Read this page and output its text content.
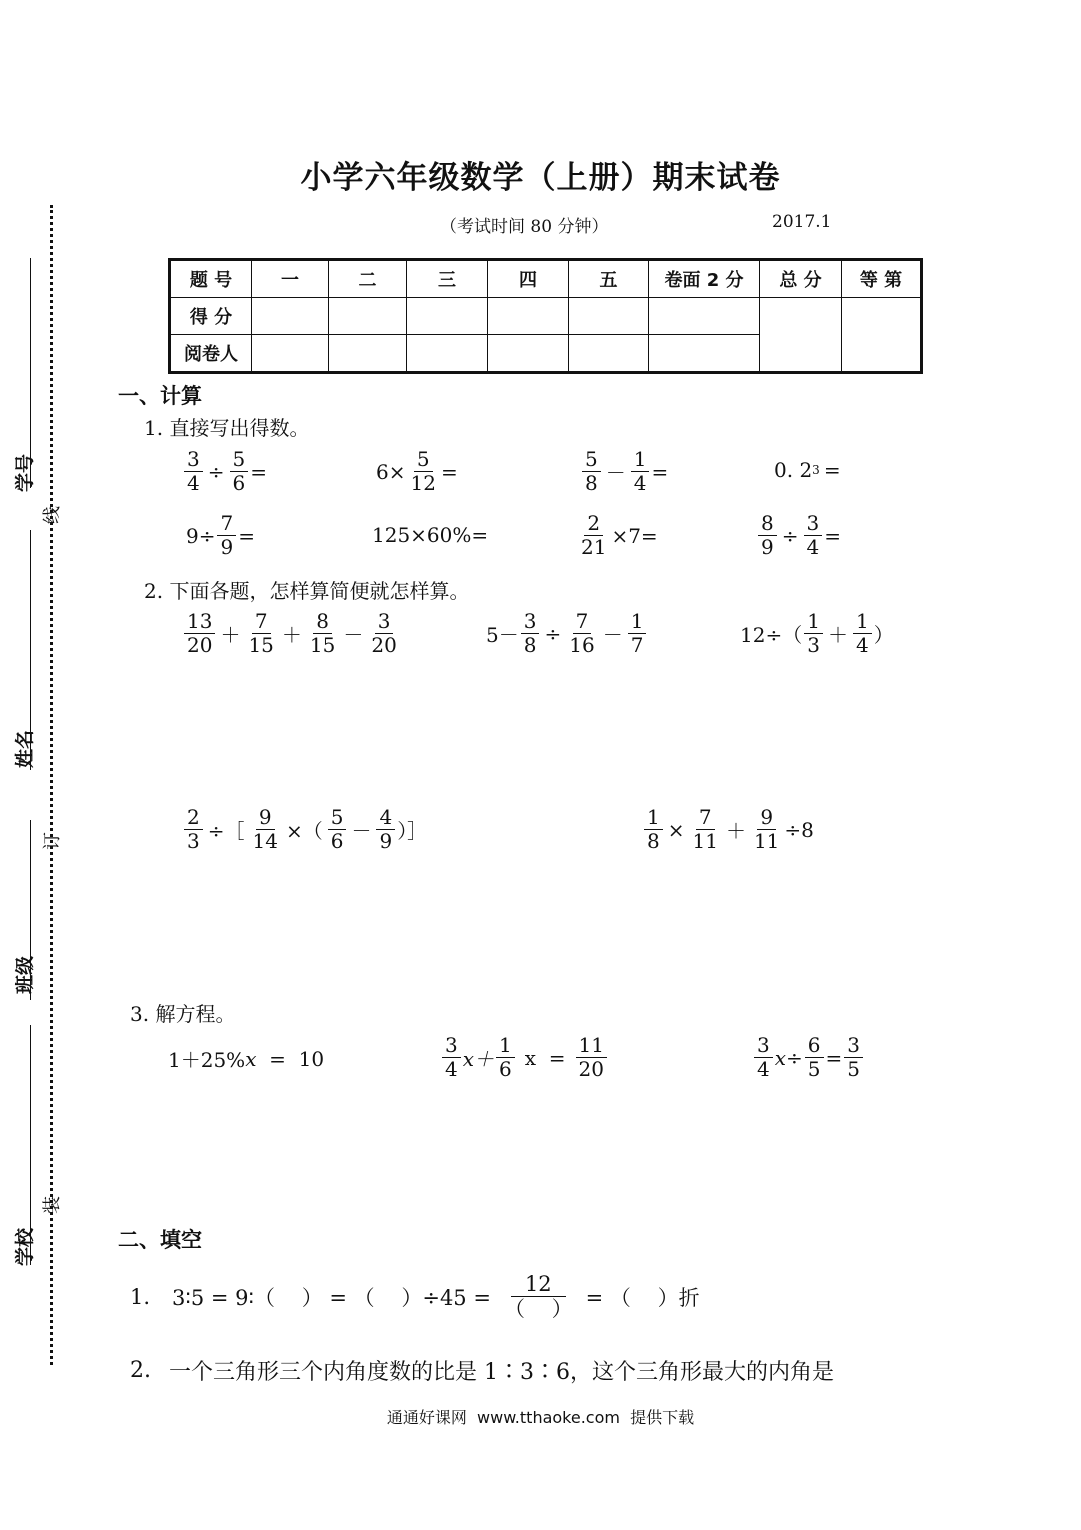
学号
姓名
班级
学校
线
订
装
小学六年级数学（上册）期末试卷
（考试时间 80 分钟）	2017.1
题 号	一	二	三	四	五	卷面 2 分	总 分	等 第
得 分								
阅卷人								
一、计算
1. 直接写出得数。
$\frac{3}{4} \div \frac{5}{6}$ =	$6\times \frac{5}{12}$ =	$\frac{5}{8} - \frac{1}{4}$ =	0. 2 3 =
$9\div \frac{7}{9}$ =	125×60%=	$\frac{2}{21} \times 7=$	$\frac{8}{9} \div \frac{3}{4}$ =
2. 下面各题，怎样算简便就怎样算。
$\frac{13}{20} + \frac{7}{15} + \frac{8}{15} - \frac{3}{20}$	$5- \frac{3}{8} \div \frac{7}{16} - \frac{1}{7}$	$12\div( \frac{1}{3} + \frac{1}{4}$ ）
$\frac{2}{3}$ ÷［ $\frac{9}{14}$ ×（ $\frac{5}{6} - \frac{4}{9}$ ）］	$\frac{1}{8} \times \frac{7}{11} + \frac{9}{11} \div 8$
3. 解方程。
1＋25% x =  10	$\frac{3}{4} x+ \frac{1}{6}$ $x = \frac{11}{20}$	$\frac{3}{4} x\div \frac{6}{5} = \frac{3}{5}$
二、填空
1. 3∶5 = 9∶（    ） = （    ）$\div 45 = \frac{12}{( )}$ = （    ）折
2. 一个三角形三个内角度数的比是 1∶3∶6，这个三角形最大的内角是
通通好课网  www.tthaoke.com  提供下载
